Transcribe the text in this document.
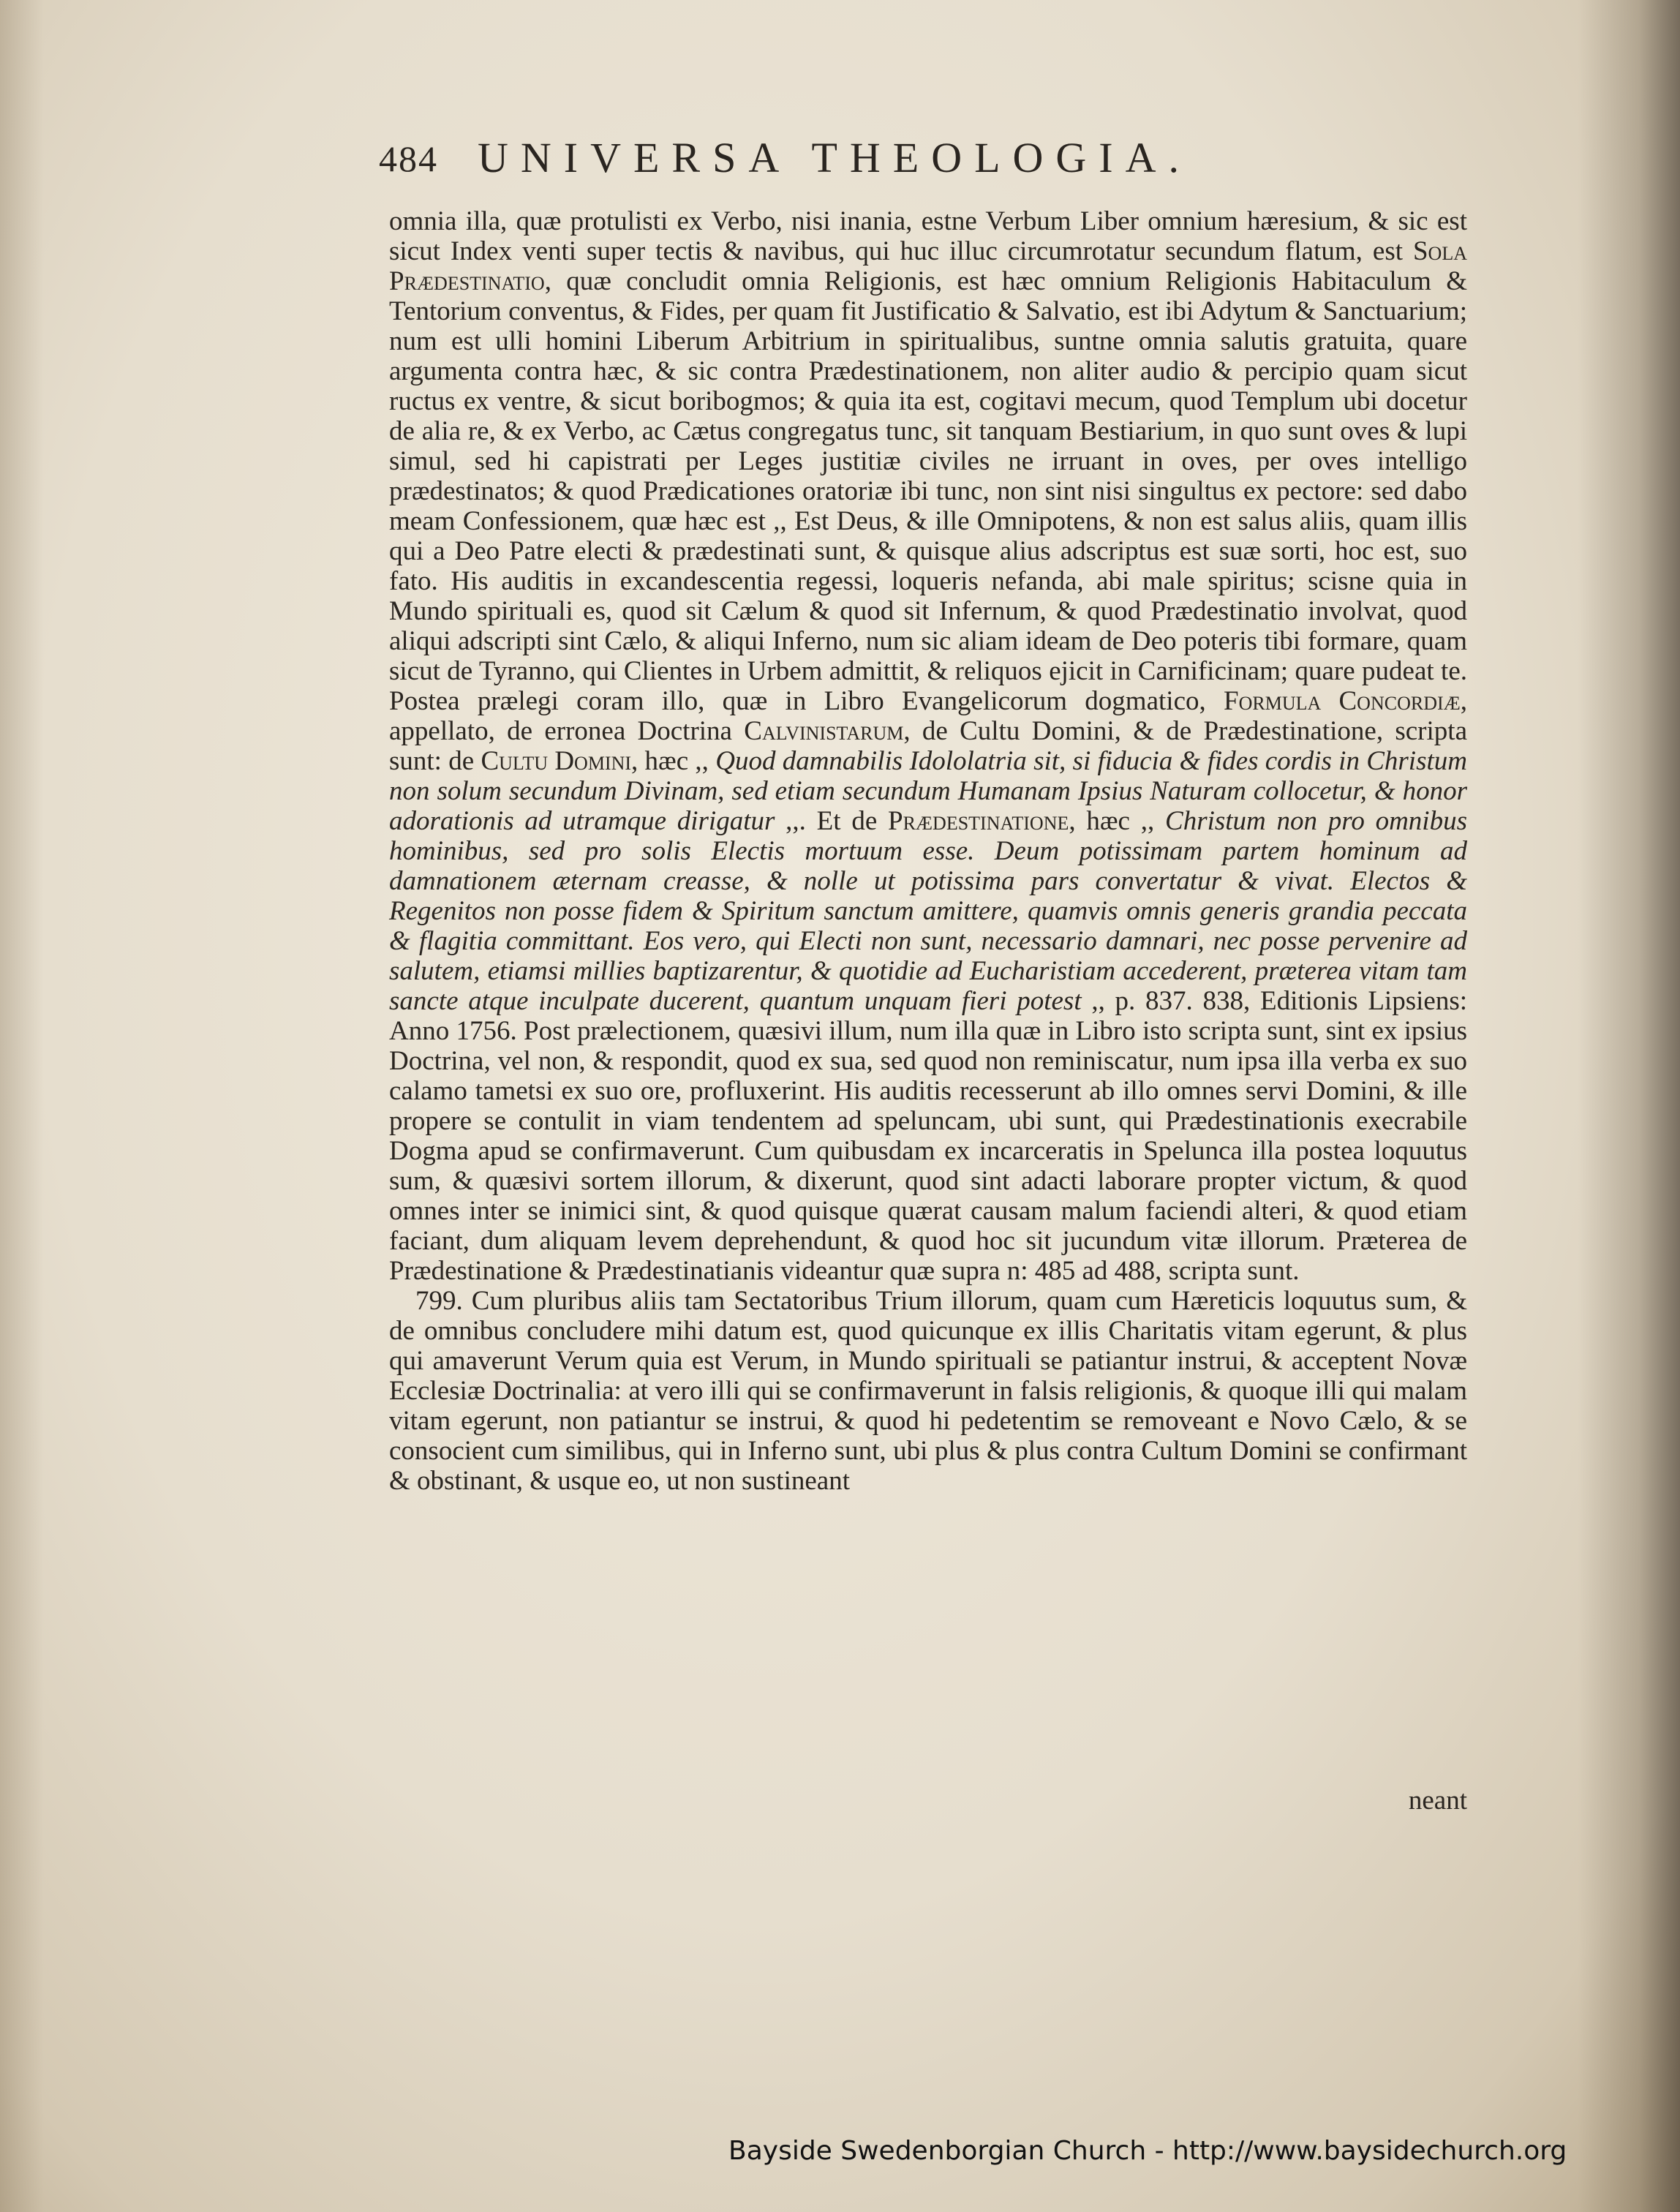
484 UNIVERSA THEOLOGIA.

omnia illa, quæ protulisti ex Verbo, nisi inania, estne Verbum Liber omnium hæresium, & sic est sicut Index venti super tectis & navibus, qui huc illuc circumrotatur secundum flatum, est Sola Prædestinatio, quæ concludit omnia Religionis, est hæc omnium Religionis Habitaculum & Tentorium conventus, & Fides, per quam fit Justificatio & Salvatio, est ibi Adytum & Sanctuarium; num est ulli homini Liberum Arbitrium in spiritualibus, suntne omnia salutis gratuita, quare argumenta contra hæc, & sic contra Prædestinationem, non aliter audio & percipio quam sicut ructus ex ventre, & sicut boribogmos; & quia ita est, cogitavi mecum, quod Templum ubi docetur de alia re, & ex Verbo, ac Cætus congregatus tunc, sit tanquam Bestiarium, in quo sunt oves & lupi simul, sed hi capistrati per Leges justitiæ civiles ne irruant in oves, per oves intelligo prædestinatos; & quod Prædicationes oratoriæ ibi tunc, non sint nisi singultus ex pectore: sed dabo meam Confessionem, quæ hæc est ,, Est Deus, & ille Omnipotens, & non est salus aliis, quam illis qui a Deo Patre electi & prædestinati sunt, & quisque alius adscriptus est suæ sorti, hoc est, suo fato. His auditis in excandescentia regessi, loqueris nefanda, abi male spiritus; scisne quia in Mundo spirituali es, quod sit Cælum & quod sit Infernum, & quod Prædestinatio involvat, quod aliqui adscripti sint Cælo, & aliqui Inferno, num sic aliam ideam de Deo poteris tibi formare, quam sicut de Tyranno, qui Clientes in Urbem admittit, & reliquos ejicit in Carnificinam; quare pudeat te. Postea prælegi coram illo, quæ in Libro Evangelicorum dogmatico, Formula Concordiæ, appellato, de erronea Doctrina Calvinistarum, de Cultu Domini, & de Prædestinatione, scripta sunt: de Cultu Domini, hæc ,, Quod damnabilis Idololatria sit, si fiducia & fides cordis in Christum non solum secundum Divinam, sed etiam secundum Humanam Ipsius Naturam collocetur, & honor adorationis ad utramque dirigatur ,,. Et de Prædestinatione, hæc ,, Christum non pro omnibus hominibus, sed pro solis Electis mortuum esse. Deum potissimam partem hominum ad damnationem æternam creasse, & nolle ut potissima pars convertatur & vivat. Electos & Regenitos non posse fidem & Spiritum sanctum amittere, quamvis omnis generis grandia peccata & flagitia committant. Eos vero, qui Electi non sunt, necessario damnari, nec posse pervenire ad salutem, etiamsi millies baptizarentur, & quotidie ad Eucharistiam accederent, præterea vitam tam sancte atque inculpate ducerent, quantum unquam fieri potest ,, p. 837. 838, Editionis Lipsiens: Anno 1756. Post prælectionem, quæsivi illum, num illa quæ in Libro isto scripta sunt, sint ex ipsius Doctrina, vel non, & respondit, quod ex sua, sed quod non reminiscatur, num ipsa illa verba ex suo calamo tametsi ex suo ore, profluxerint. His auditis recesserunt ab illo omnes servi Domini, & ille propere se contulit in viam tendentem ad speluncam, ubi sunt, qui Prædestinationis execrabile Dogma apud se confirmaverunt. Cum quibusdam ex incarceratis in Spelunca illa postea loquutus sum, & quæsivi sortem illorum, & dixerunt, quod sint adacti laborare propter victum, & quod omnes inter se inimici sint, & quod quisque quærat causam malum faciendi alteri, & quod etiam faciant, dum aliquam levem deprehendunt, & quod hoc sit jucundum vitæ illorum. Præterea de Prædestinatione & Prædestinatianis videantur quæ supra n: 485 ad 488, scripta sunt.

799. Cum pluribus aliis tam Sectatoribus Trium illorum, quam cum Hæreticis loquutus sum, & de omnibus concludere mihi datum est, quod quicunque ex illis Charitatis vitam egerunt, & plus qui amaverunt Verum quia est Verum, in Mundo spirituali se patiantur instrui, & acceptent Novæ Ecclesiæ Doctrinalia: at vero illi qui se confirmaverunt in falsis religionis, & quoque illi qui malam vitam egerunt, non patiantur se instrui, & quod hi pedetentim se removeant e Novo Cælo, & se consocient cum similibus, qui in Inferno sunt, ubi plus & plus contra Cultum Domini se confirmant & obstinant, & usque eo, ut non sustineant

neant
Bayside Swedenborgian Church - http://www.baysidechurch.org
